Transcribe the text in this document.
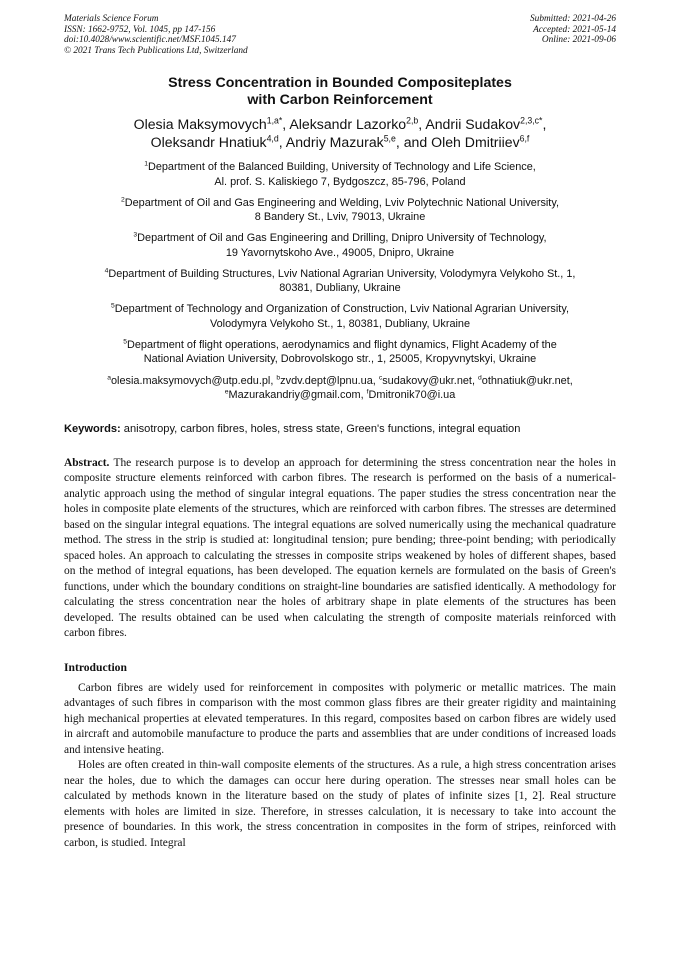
Materials Science Forum
ISSN: 1662-9752, Vol. 1045, pp 147-156
doi:10.4028/www.scientific.net/MSF.1045.147
© 2021 Trans Tech Publications Ltd, Switzerland
Submitted: 2021-04-26
Accepted: 2021-05-14
Online: 2021-09-06
Stress Concentration in Bounded Compositeplates
with Carbon Reinforcement
Olesia Maksymovych$^{1,a*}$, Aleksandr Lazorko$^{2,b}$, Andrii Sudakov$^{2,3,c*}$,
Oleksandr Hnatiuk$^{4,d}$, Andriy Mazurak$^{5,e}$, and Oleh Dmitriiev$^{6,f}$
$^1$Department of the Balanced Building, University of Technology and Life Science,
Al. prof. S. Kaliskiego 7, Bydgoszcz, 85-796, Poland
$^2$Department of Oil and Gas Engineering and Welding, Lviv Polytechnic National University,
8 Bandery St., Lviv, 79013, Ukraine
$^3$Department of Oil and Gas Engineering and Drilling, Dnipro University of Technology,
19 Yavornytskoho Ave., 49005, Dnipro, Ukraine
$^4$Department of Building Structures, Lviv National Agrarian University, Volodymyra Velykoho St., 1,
80381, Dubliany, Ukraine
$^5$Department of Technology and Organization of Construction, Lviv National Agrarian University,
Volodymyra Velykoho St., 1, 80381, Dubliany, Ukraine
$^5$Department of flight operations, aerodynamics and flight dynamics, Flight Academy of the
National Aviation University, Dobrovolskogo str., 1, 25005, Kropyvnytskyi, Ukraine
$^a$olesia.maksymovych@utp.edu.pl, $^b$zvdv.dept@lpnu.ua, $^c$sudakovy@ukr.net, $^d$othnatiuk@ukr.net,
$^e$Mazurakandriy@gmail.com, $^f$Dmitronik70@i.ua
Keywords: anisotropy, carbon fibres, holes, stress state, Green's functions, integral equation
Abstract. The research purpose is to develop an approach for determining the stress concentration near the holes in composite structure elements reinforced with carbon fibres. The research is performed on the basis of a numerical-analytic approach using the method of singular integral equations. The paper studies the stress concentration near the holes in composite plate elements of the structures, which are reinforced with carbon fibres. The stresses are determined based on the singular integral equations. The integral equations are solved numerically using the mechanical quadrature method. The stress in the strip is studied at: longitudinal tension; pure bending; three-point bending; with periodically spaced holes. An approach to calculating the stresses in composite strips weakened by holes of different shapes, based on the method of integral equations, has been developed. The equation kernels are formulated on the basis of Green's functions, under which the boundary conditions on straight-line boundaries are satisfied identically. A methodology for calculating the stress concentration near the holes of arbitrary shape in plate elements of the structures has been developed. The results obtained can be used when calculating the strength of composite materials reinforced with carbon fibres.
Introduction

Carbon fibres are widely used for reinforcement in composites with polymeric or metallic matrices. The main advantages of such fibres in comparison with the most common glass fibres are their greater rigidity and maintaining high mechanical properties at elevated temperatures. In this regard, composites based on carbon fibres are widely used in aircraft and automobile manufacture to produce the parts and assemblies that are under conditions of increased loads and intensive heating.

Holes are often created in thin-wall composite elements of the structures. As a rule, a high stress concentration arises near the holes, due to which the damages can occur here during operation. The stresses near small holes can be calculated by methods known in the literature based on the study of plates of infinite sizes [1, 2]. Real structure elements with holes are limited in size. Therefore, in stresses calculation, it is necessary to take into account the presence of boundaries. In this work, the stress concentration in composites in the form of stripes, reinforced with carbon, is studied. Integral
